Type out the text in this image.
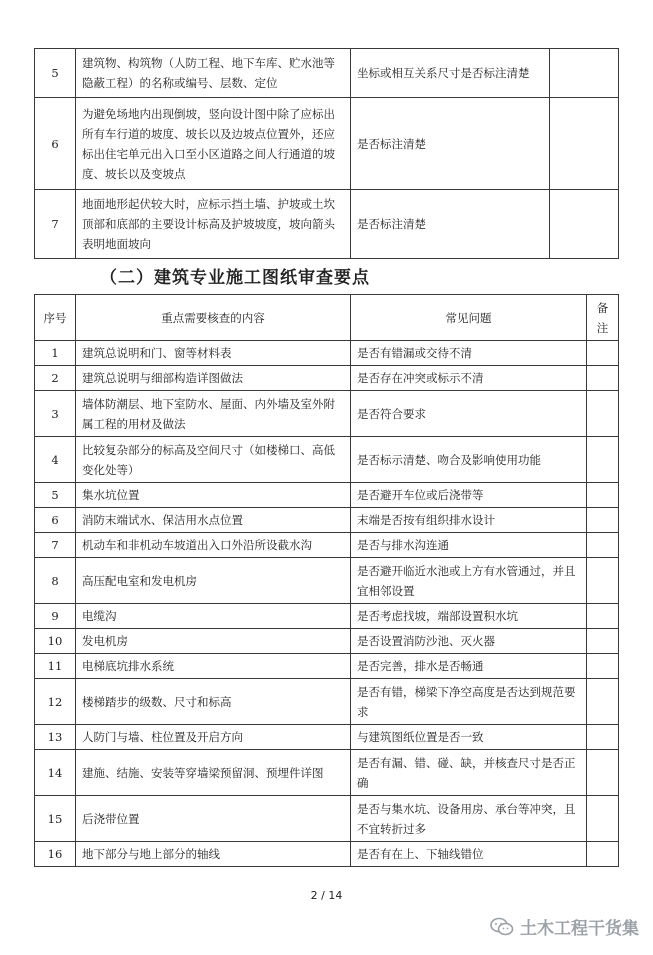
5	建筑物、构筑物（人防工程、地下车库、贮水池等隐蔽工程）的名称或编号、层数、定位	坐标或相互关系尺寸是否标注清楚	
6	为避免场地内出现倒坡，竖向设计图中除了应标出所有车行道的坡度、坡长以及边坡点位置外，还应标出住宅单元出入口至小区道路之间人行通道的坡度、坡长以及变坡点	是否标注清楚	
7	地面地形起伏较大时，应标示挡土墙、护坡或土坎顶部和底部的主要设计标高及护坡坡度，坡向箭头表明地面坡向	是否标注清楚	
（二）建筑专业施工图纸审查要点
序号	重点需要核查的内容	常见问题	备注
1	建筑总说明和门、窗等材料表	是否有错漏或交待不清	
2	建筑总说明与细部构造详图做法	是否存在冲突或标示不清	
3	墙体防潮层、地下室防水、屋面、内外墙及室外附属工程的用材及做法	是否符合要求	
4	比较复杂部分的标高及空间尺寸（如楼梯口、高低变化处等）	是否标示清楚、吻合及影响使用功能	
5	集水坑位置	是否避开车位或后浇带等	
6	消防末端试水、保洁用水点位置	末端是否按有组织排水设计	
7	机动车和非机动车坡道出入口外沿所设截水沟	是否与排水沟连通	
8	高压配电室和发电机房	是否避开临近水池或上方有水管通过，并且宜相邻设置	
9	电缆沟	是否考虑找坡，端部设置积水坑	
10	发电机房	是否设置消防沙池、灭火器	
11	电梯底坑排水系统	是否完善，排水是否畅通	
12	楼梯踏步的级数、尺寸和标高	是否有错，梯梁下净空高度是否达到规范要求	
13	人防门与墙、柱位置及开启方向	与建筑图纸位置是否一致	
14	建施、结施、安装等穿墙梁预留洞、预埋件详图	是否有漏、错、碰、缺，并核查尺寸是否正确	
15	后浇带位置	是否与集水坑、设备用房、承台等冲突，且不宜转折过多	
16	地下部分与地上部分的轴线	是否有在上、下轴线错位	
2 / 14
土木工程干货集
